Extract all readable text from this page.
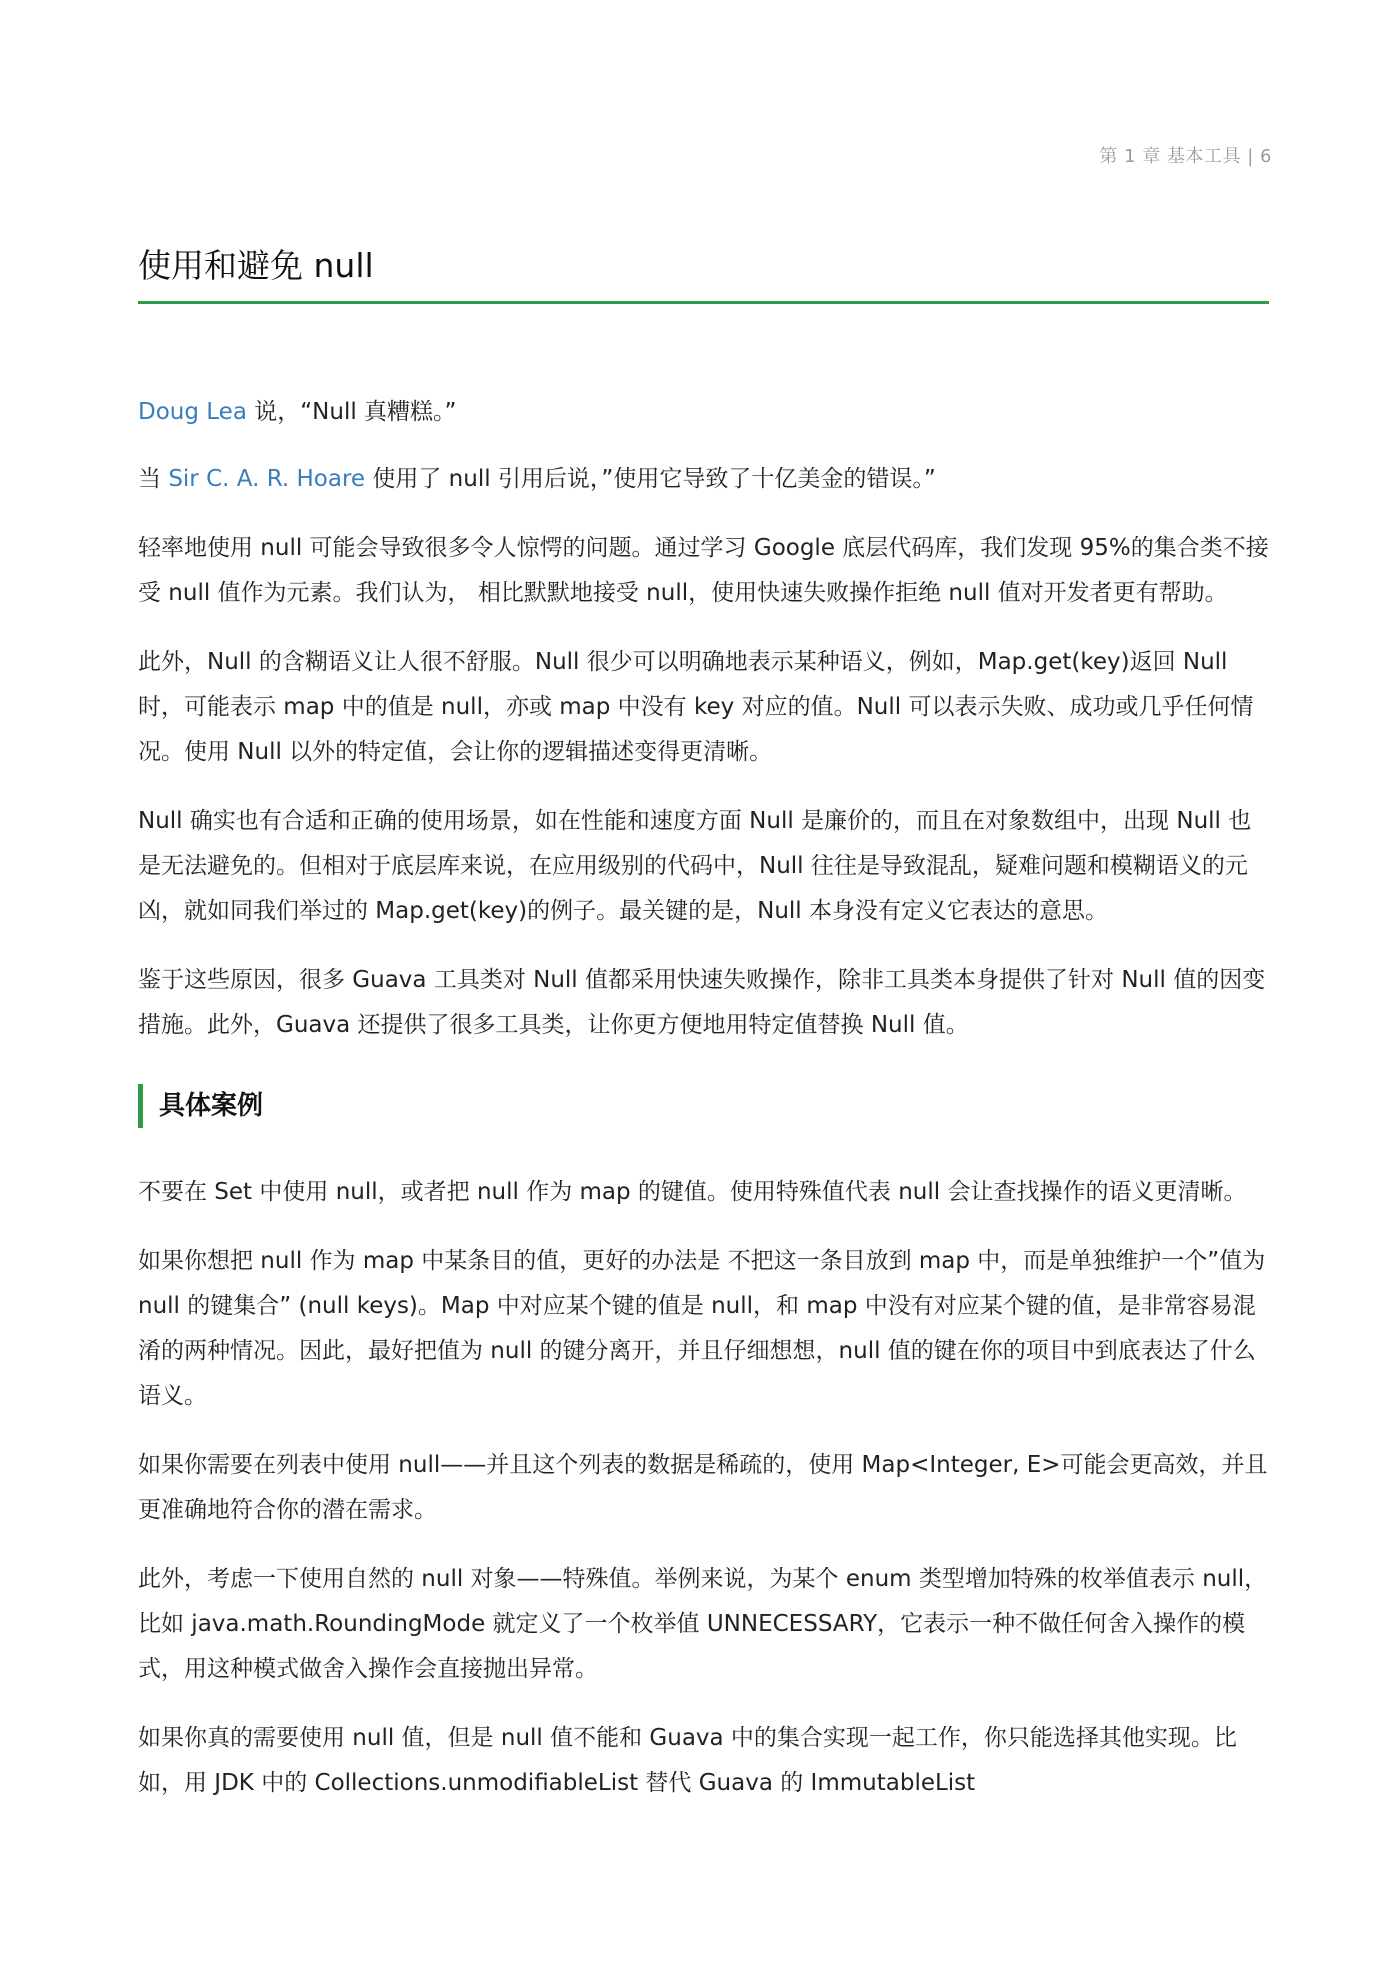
第 1 章 基本工具 | 6
使用和避免 null

Doug Lea 说，“Null 真糟糕。”

当 Sir C. A. R. Hoare 使用了 null 引用后说，”使用它导致了十亿美金的错误。”

轻率地使用 null 可能会导致很多令人惊愕的问题。通过学习 Google 底层代码库，我们发现 95%的集合类不接受 null 值作为元素。我们认为， 相比默默地接受 null，使用快速失败操作拒绝 null 值对开发者更有帮助。

此外，Null 的含糊语义让人很不舒服。Null 很少可以明确地表示某种语义，例如，Map.get(key)返回 Null 时，可能表示 map 中的值是 null，亦或 map 中没有 key 对应的值。Null 可以表示失败、成功或几乎任何情况。使用 Null 以外的特定值，会让你的逻辑描述变得更清晰。

Null 确实也有合适和正确的使用场景，如在性能和速度方面 Null 是廉价的，而且在对象数组中，出现 Null 也是无法避免的。但相对于底层库来说，在应用级别的代码中，Null 往往是导致混乱，疑难问题和模糊语义的元凶，就如同我们举过的 Map.get(key)的例子。最关键的是，Null 本身没有定义它表达的意思。

鉴于这些原因，很多 Guava 工具类对 Null 值都采用快速失败操作，除非工具类本身提供了针对 Null 值的因变措施。此外，Guava 还提供了很多工具类，让你更方便地用特定值替换 Null 值。

具体案例

不要在 Set 中使用 null，或者把 null 作为 map 的键值。使用特殊值代表 null 会让查找操作的语义更清晰。

如果你想把 null 作为 map 中某条目的值，更好的办法是 不把这一条目放到 map 中，而是单独维护一个”值为 null 的键集合” (null keys)。Map 中对应某个键的值是 null，和 map 中没有对应某个键的值，是非常容易混淆的两种情况。因此，最好把值为 null 的键分离开，并且仔细想想，null 值的键在你的项目中到底表达了什么语义。

如果你需要在列表中使用 null——并且这个列表的数据是稀疏的，使用 Map<Integer, E>可能会更高效，并且更准确地符合你的潜在需求。

此外，考虑一下使用自然的 null 对象——特殊值。举例来说，为某个 enum 类型增加特殊的枚举值表示 null，比如 java.math.RoundingMode 就定义了一个枚举值 UNNECESSARY，它表示一种不做任何舍入操作的模式，用这种模式做舍入操作会直接抛出异常。

如果你真的需要使用 null 值，但是 null 值不能和 Guava 中的集合实现一起工作，你只能选择其他实现。比如，用 JDK 中的 Collections.unmodifiableList 替代 Guava 的 ImmutableList
